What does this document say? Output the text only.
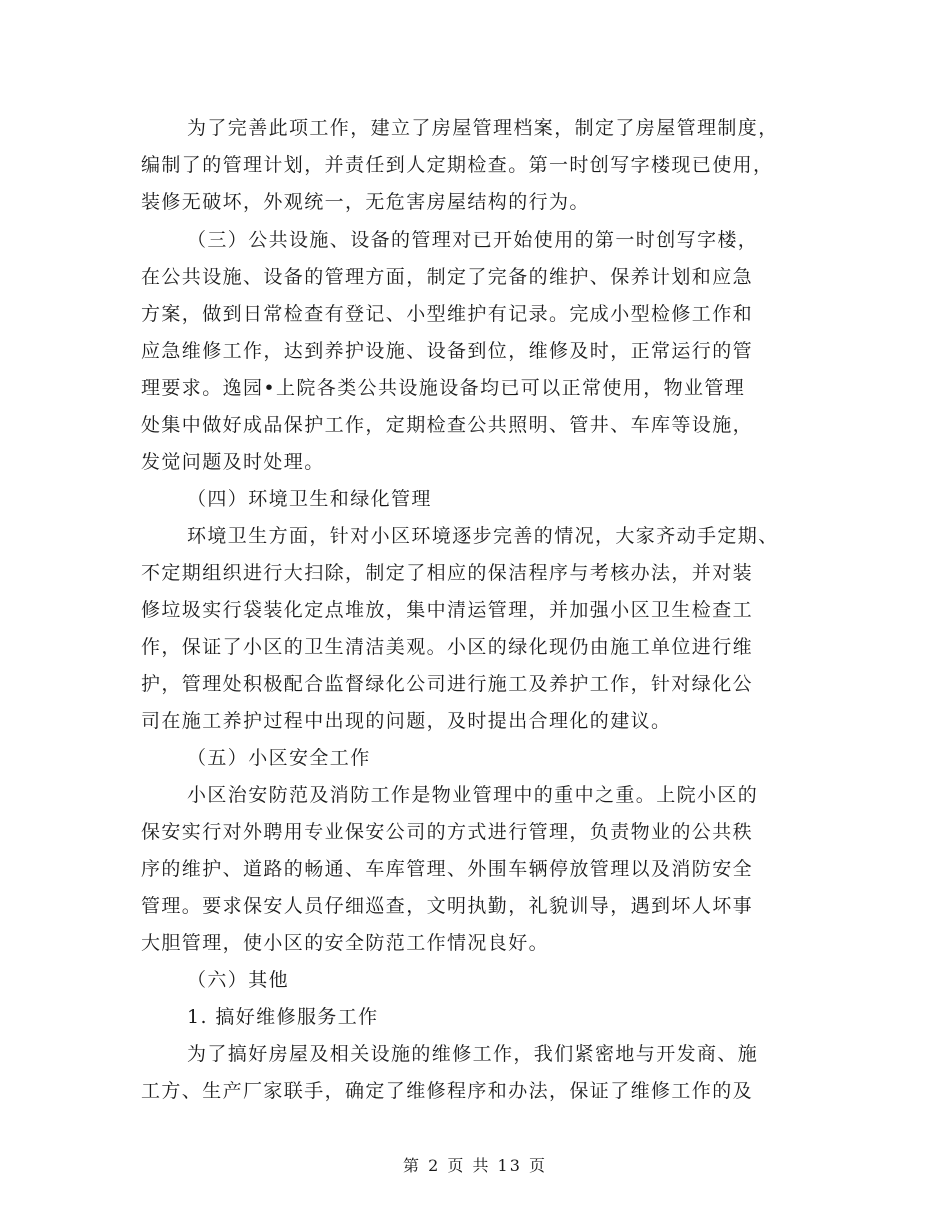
为了完善此项工作，建立了房屋管理档案，制定了房屋管理制度，
编制了的管理计划，并责任到人定期检查。第一时创写字楼现已使用，
装修无破坏，外观统一，无危害房屋结构的行为。
（三）公共设施、设备的管理对已开始使用的第一时创写字楼，
在公共设施、设备的管理方面，制定了完备的维护、保养计划和应急
方案，做到日常检查有登记、小型维护有记录。完成小型检修工作和
应急维修工作，达到养护设施、设备到位，维修及时，正常运行的管
理要求。逸园•上院各类公共设施设备均已可以正常使用，物业管理
处集中做好成品保护工作，定期检查公共照明、管井、车库等设施，
发觉问题及时处理。
（四）环境卫生和绿化管理
环境卫生方面，针对小区环境逐步完善的情况，大家齐动手定期、
不定期组织进行大扫除，制定了相应的保洁程序与考核办法，并对装
修垃圾实行袋装化定点堆放，集中清运管理，并加强小区卫生检查工
作，保证了小区的卫生清洁美观。小区的绿化现仍由施工单位进行维
护，管理处积极配合监督绿化公司进行施工及养护工作，针对绿化公
司在施工养护过程中出现的问题，及时提出合理化的建议。
（五）小区安全工作
小区治安防范及消防工作是物业管理中的重中之重。上院小区的
保安实行对外聘用专业保安公司的方式进行管理，负责物业的公共秩
序的维护、道路的畅通、车库管理、外围车辆停放管理以及消防安全
管理。要求保安人员仔细巡查，文明执勤，礼貌训导，遇到坏人坏事
大胆管理，使小区的安全防范工作情况良好。
（六）其他
1. 搞好维修服务工作
为了搞好房屋及相关设施的维修工作，我们紧密地与开发商、施
工方、生产厂家联手，确定了维修程序和办法，保证了维修工作的及
第 2 页 共 13 页
